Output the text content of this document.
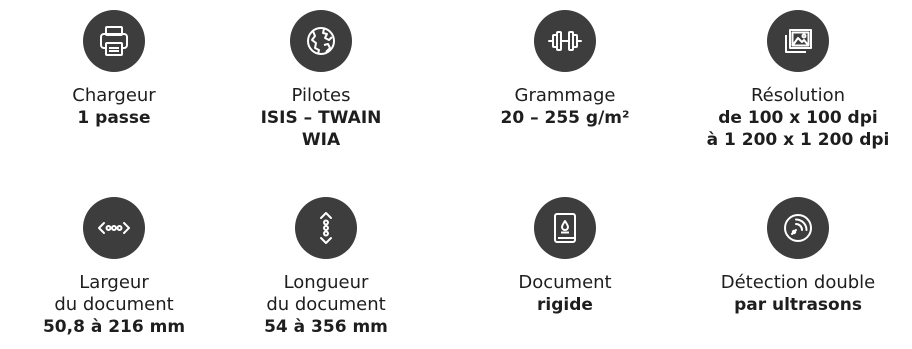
Chargeur
1 passe
Pilotes
ISIS – TWAIN
WIA
Grammage
20 – 255 g/m²
Résolution
de 100 x 100 dpi
à 1 200 x 1 200 dpi
Largeur
du document
50,8 à 216 mm
Longueur
du document
54 à 356 mm
Document
rigide
Détection double
par ultrasons
